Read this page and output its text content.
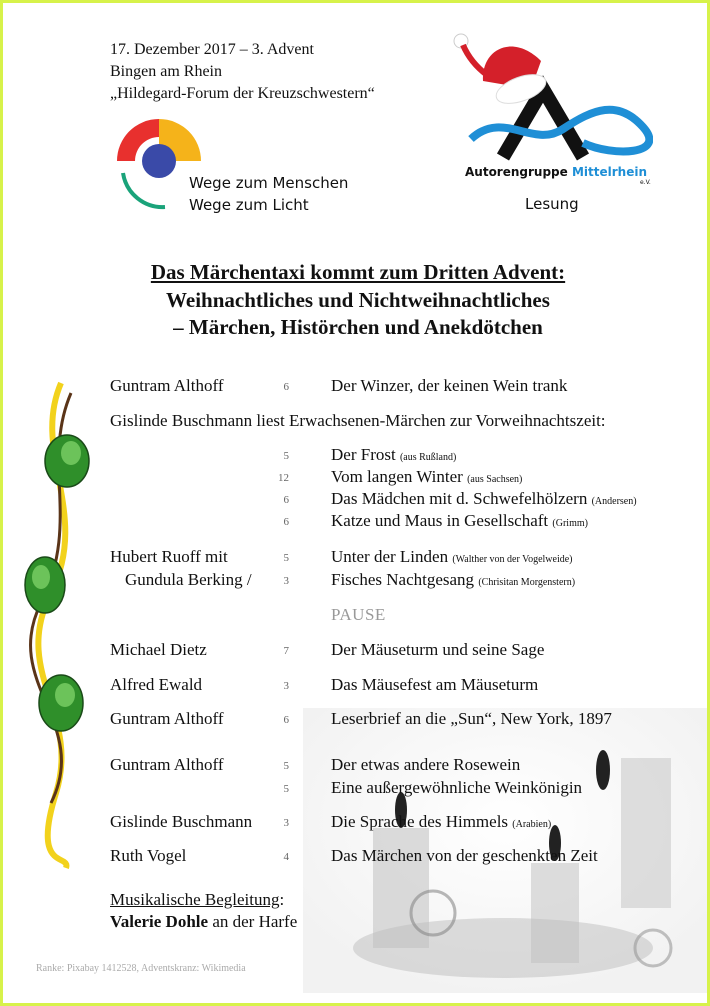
17. Dezember 2017 – 3. Advent
Bingen am Rhein
„Hildegard-Forum der Kreuzschwestern“
Wege zum Menschen
Wege zum Licht
Autorengruppe Mittelrhein
e.V.
Lesung
Das Märchentaxi kommt zum Dritten Advent:
Weihnachtliches und Nichtweihnachtliches
– Märchen, Histörchen und Anekdötchen
Guntram Althoff	6 Der Winzer, der keinen Wein trank
Gislinde Buschmann liest Erwachsenen-Märchen zur Vorweihnachtszeit:
5 Der Frost (aus Rußland)
12 Vom langen Winter (aus Sachsen)
6 Das Mädchen mit d. Schwefelhölzern (Andersen)
6 Katze und Maus in Gesellschaft (Grimm)
Hubert Ruoff mit	5 Unter der Linden (Walther von der Vogelweide)
Gundula Berking /	3 Fisches Nachtgesang (Chrisitan Morgenstern)
PAUSE
Michael Dietz	7 Der Mäuseturm und seine Sage
Alfred Ewald	3 Das Mäusefest am Mäuseturm
Guntram Althoff	6 Leserbrief an die „Sun“, New York, 1897
Guntram Althoff	5 Der etwas andere Rosewein
5 Eine außergewöhnliche Weinkönigin
Gislinde Buschmann	3 Die Sprache des Himmels (Arabien)
Ruth Vogel	4 Das Märchen von der geschenkten Zeit
Musikalische Begleitung:
Valerie Dohle an der Harfe
Ranke: Pixabay 1412528, Adventskranz: Wikimedia
